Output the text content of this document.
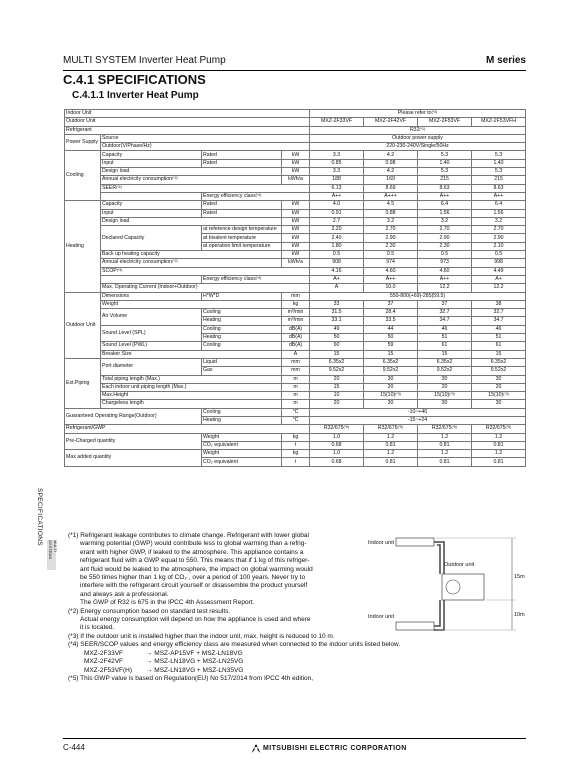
MULTI SYSTEM Inverter Heat Pump	M series
C.4.1 SPECIFICATIONS
C.4.1.1 Inverter Heat Pump
SPECIFICATIONS	MULTI SYSTEMS
Indoor Unit				Please refer $to^{(*4)}$
Outdoor Unit				MXZ-2F33VF	MXZ-2F42VF	MXZ-2F53VF	MXZ-2F53VFH	
Refrigerant				$R32^{(*1)}$
Power Supply	Source			Outdoor power supply				
	Outdoor(V/Phase/Hz)			220-230-240V/Single/50Hz				
Cooling	Capacity	Rated	kW	3.3	4.2	5.3	5.3	
	Input	Rated	kW	0.85	0.98	1.40	1.40	
	Design load		kW	3.3	4.2	5.3	5.3	
	Annual electricity consumption$^{(*2)}$		kWh/a	188	169	215	215	
	$SEER^{(*4)}$			6.13	8.69	8.63	8.63	
		Energy efficiency class$^{(*4)}$		A++	A+++	A++	A++	
Heating	Capacity	Rated	kW	4.0	4.5	6.4	6.4	
	Input	Rated	kW	0.91	0.88	1.56	1.56	
	Design load		kW	2.7	3.2	3.2	3.2	
	Declared Capacity	at reference design temperature	kW	2.20	2.70	2.70	2.70	
		at bivalent temperature	kW	2.40	2.90	2.90	2.90	
		at operation limit temperature	kW	1.80	2.30	2.30	2.10	
	Back up heating capacity		kW	0.5	0.5	0.5	0.5	
	Annual electricity consumption$^{(*2)}$		kWh/a	908	974	973	998	
	$SCOP^{(*4)}$			4.16	4.60	4.60	4.49	
		Energy efficiency class$^{(*4)}$		A+	A++	A++	A+	
	Max. Operating Current (Indoor+Outdoor)			A	10.0	12.2	12.2	
Outdoor Unit	Dimensions	H*W*D	mm	550-800(+69)-285(59.5)				
	Weight		kg	33	37	37	38	
	Air Volume	Cooling	m³/min	31.5	28.4	32.7	32.7	
		Heating	m³/min	33.1	33.5	34.7	34.7	
	Sound Level (SPL)	Cooling	dB(A)	49	44	46	46	
		Heating	dB(A)	50	50	51	51	
	Sound Level (PWL)	Cooling	dB(A)	60	59	61	61	
	Breaker Size		A	15	15	15	15	
Ext.Piping	Port diameter	Liquid	mm	6.35x2	6.35x2	6.35x2	6.35x2	
		Gas	mm	9.52x2	9.52x2	9.52x2	9.52x2	
	Total piping length (Max.)		m	20	30	30	30	
	Each indoor unit piping length (Max.)		m	15	20	20	20	
	Max.Height		m	10	$15(10)^{(*3)}$	$15(10)^{(*3)}$	$15(10)^{(*3)}$
	Chargeless length		m	20	30	30	30	
Guaranteed Operating Range(Outdoor)		Cooling	°C	-10~+46				
		Heating	°C	-15~+24				
Refrigerant/GWP				$R32/675^{(*5)}$	$R32/675^{(*5)}$	$R32/675^{(*5)}$	$R32/675^{(*5)}$
Pre-Charged quantity		Weight	kg	1.0	1.2	1.2	1.2	
		CO₂ equivalent	t	0.68	0.81	0.81	0.81	
Max added quantity		Weight	kg	1.0	1.2	1.2	1.2	
		CO₂ equivalent	t	0.68	0.81	0.81	0.81	
(*1) Refrigerant leakage contributes to climate change. Refrigerant with lower global
warming potential (GWP) would contribute less to global warming than a refrig-
erant with higher GWP, if leaked to the atmosphere. This appliance contains a
refrigerant fluid with a GWP equal to 550. This means that if 1 kg of this refriger-
ant fluid would be leaked to the atmosphere, the impact on global warming would
be 550 times higher than 1 kg of CO₂ , over a period of 100 years. Never try to
interfere with the refrigerant circuit yourself or disassemble the product yourself
and always ask a professional.
The GWP of R32 is 675 in the IPCC 4th Assessment Report.
(*2) Energy consumption based on standard test results.
Actual energy consumption will depend on how the appliance is used and where
it is located.
(*3) If the outdoor unit is installed higher than the indoor unit, max. height is reduced to 10 m.
(*4) SEER/SCOP values and energy efficiency class are measured when connected to the indoor units listed below.
MXZ-2F33VF	→ MSZ-AP15VF + MSZ-LN18VG
MXZ-2F42VF	→ MSZ-LN18VG + MSZ-LN25VG
MXZ-2F53VF(H) → MSZ-LN18VG + MSZ-LN35VG
(*5) This GWP value is based on Regulation(EU) No 517/2014 from IPCC 4th edition,
Indoor unit
Outdoor unit
Indoor unit
15m
10m
C-444	MITSUBISHI ELECTRIC CORPORATION
